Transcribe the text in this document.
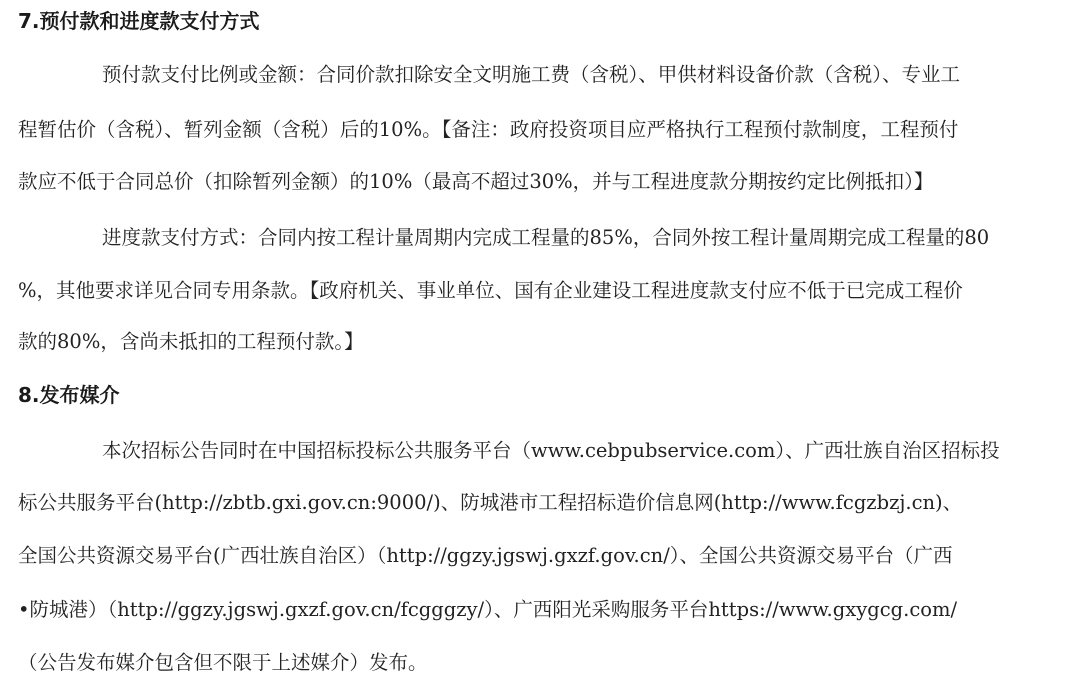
7.预付款和进度款支付方式

预付款支付比例或金额：合同价款扣除安全文明施工费（含税）、甲供材料设备价款（含税）、专业工

程暂估价（含税）、暂列金额（含税）后的10%。【备注：政府投资项目应严格执行工程预付款制度，工程预付

款应不低于合同总价（扣除暂列金额）的10%（最高不超过30%，并与工程进度款分期按约定比例抵扣）】

进度款支付方式：合同内按工程计量周期内完成工程量的85%，合同外按工程计量周期完成工程量的80

%，其他要求详见合同专用条款。【政府机关、事业单位、国有企业建设工程进度款支付应不低于已完成工程价

款的80%，含尚未抵扣的工程预付款。】

8.发布媒介

本次招标公告同时在中国招标投标公共服务平台（www.cebpubservice.com）、广西壮族自治区招标投

标公共服务平台(http://zbtb.gxi.gov.cn:9000/)、防城港市工程招标造价信息网(http://www.fcgzbzj.cn)、

全国公共资源交易平台(广西壮族自治区）（http://ggzy.jgswj.gxzf.gov.cn/）、全国公共资源交易平台（广西

•防城港）（http://ggzy.jgswj.gxzf.gov.cn/fcgggzy/）、广西阳光采购服务平台https://www.gxygcg.com/

（公告发布媒介包含但不限于上述媒介）发布。
